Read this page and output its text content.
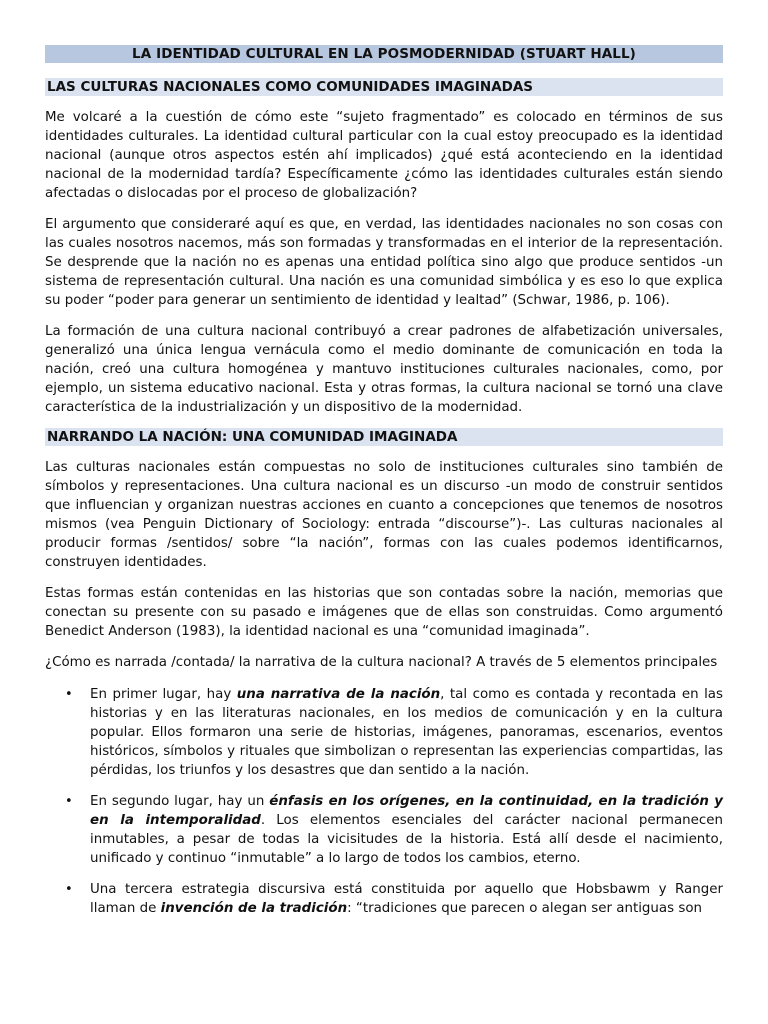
LA IDENTIDAD CULTURAL EN LA POSMODERNIDAD (STUART HALL)
LAS CULTURAS NACIONALES COMO COMUNIDADES IMAGINADAS

Me volcaré a la cuestión de cómo este “sujeto fragmentado” es colocado en términos de sus identidades culturales. La identidad cultural particular con la cual estoy preocupado es la identidad nacional (aunque otros aspectos estén ahí implicados) ¿qué está aconteciendo en la identidad nacional de la modernidad tardía? Específicamente ¿cómo las identidades culturales están siendo afectadas o dislocadas por el proceso de globalización?

El argumento que consideraré aquí es que, en verdad, las identidades nacionales no son cosas con las cuales nosotros nacemos, más son formadas y transformadas en el interior de la representación. Se desprende que la nación no es apenas una entidad política sino algo que produce sentidos -un sistema de representación cultural. Una nación es una comunidad simbólica y es eso lo que explica su poder “poder para generar un sentimiento de identidad y lealtad” (Schwar, 1986, p. 106).

La formación de una cultura nacional contribuyó a crear padrones de alfabetización universales, generalizó una única lengua vernácula como el medio dominante de comunicación en toda la nación, creó una cultura homogénea y mantuvo instituciones culturales nacionales, como, por ejemplo, un sistema educativo nacional. Esta y otras formas, la cultura nacional se tornó una clave característica de la industrialización y un dispositivo de la modernidad.

NARRANDO LA NACIÓN: UNA COMUNIDAD IMAGINADA

Las culturas nacionales están compuestas no solo de instituciones culturales sino también de símbolos y representaciones. Una cultura nacional es un discurso -un modo de construir sentidos que influencian y organizan nuestras acciones en cuanto a concepciones que tenemos de nosotros mismos (vea Penguin Dictionary of Sociology: entrada “discourse”)-. Las culturas nacionales al producir formas /sentidos/ sobre “la nación”, formas con las cuales podemos identificarnos, construyen identidades.

Estas formas están contenidas en las historias que son contadas sobre la nación, memorias que conectan su presente con su pasado e imágenes que de ellas son construidas. Como argumentó Benedict Anderson (1983), la identidad nacional es una “comunidad imaginada”.

¿Cómo es narrada /contada/ la narrativa de la cultura nacional? A través de 5 elementos principales

• En primer lugar, hay una narrativa de la nación, tal como es contada y recontada en las historias y en las literaturas nacionales, en los medios de comunicación y en la cultura popular. Ellos formaron una serie de historias, imágenes, panoramas, escenarios, eventos históricos, símbolos y rituales que simbolizan o representan las experiencias compartidas, las pérdidas, los triunfos y los desastres que dan sentido a la nación.
• En segundo lugar, hay un énfasis en los orígenes, en la continuidad, en la tradición y en la intemporalidad. Los elementos esenciales del carácter nacional permanecen inmutables, a pesar de todas la vicisitudes de la historia. Está allí desde el nacimiento, unificado y continuo “inmutable” a lo largo de todos los cambios, eterno.
• Una tercera estrategia discursiva está constituida por aquello que Hobsbawm y Ranger llaman de invención de la tradición: “tradiciones que parecen o alegan ser antiguas son
